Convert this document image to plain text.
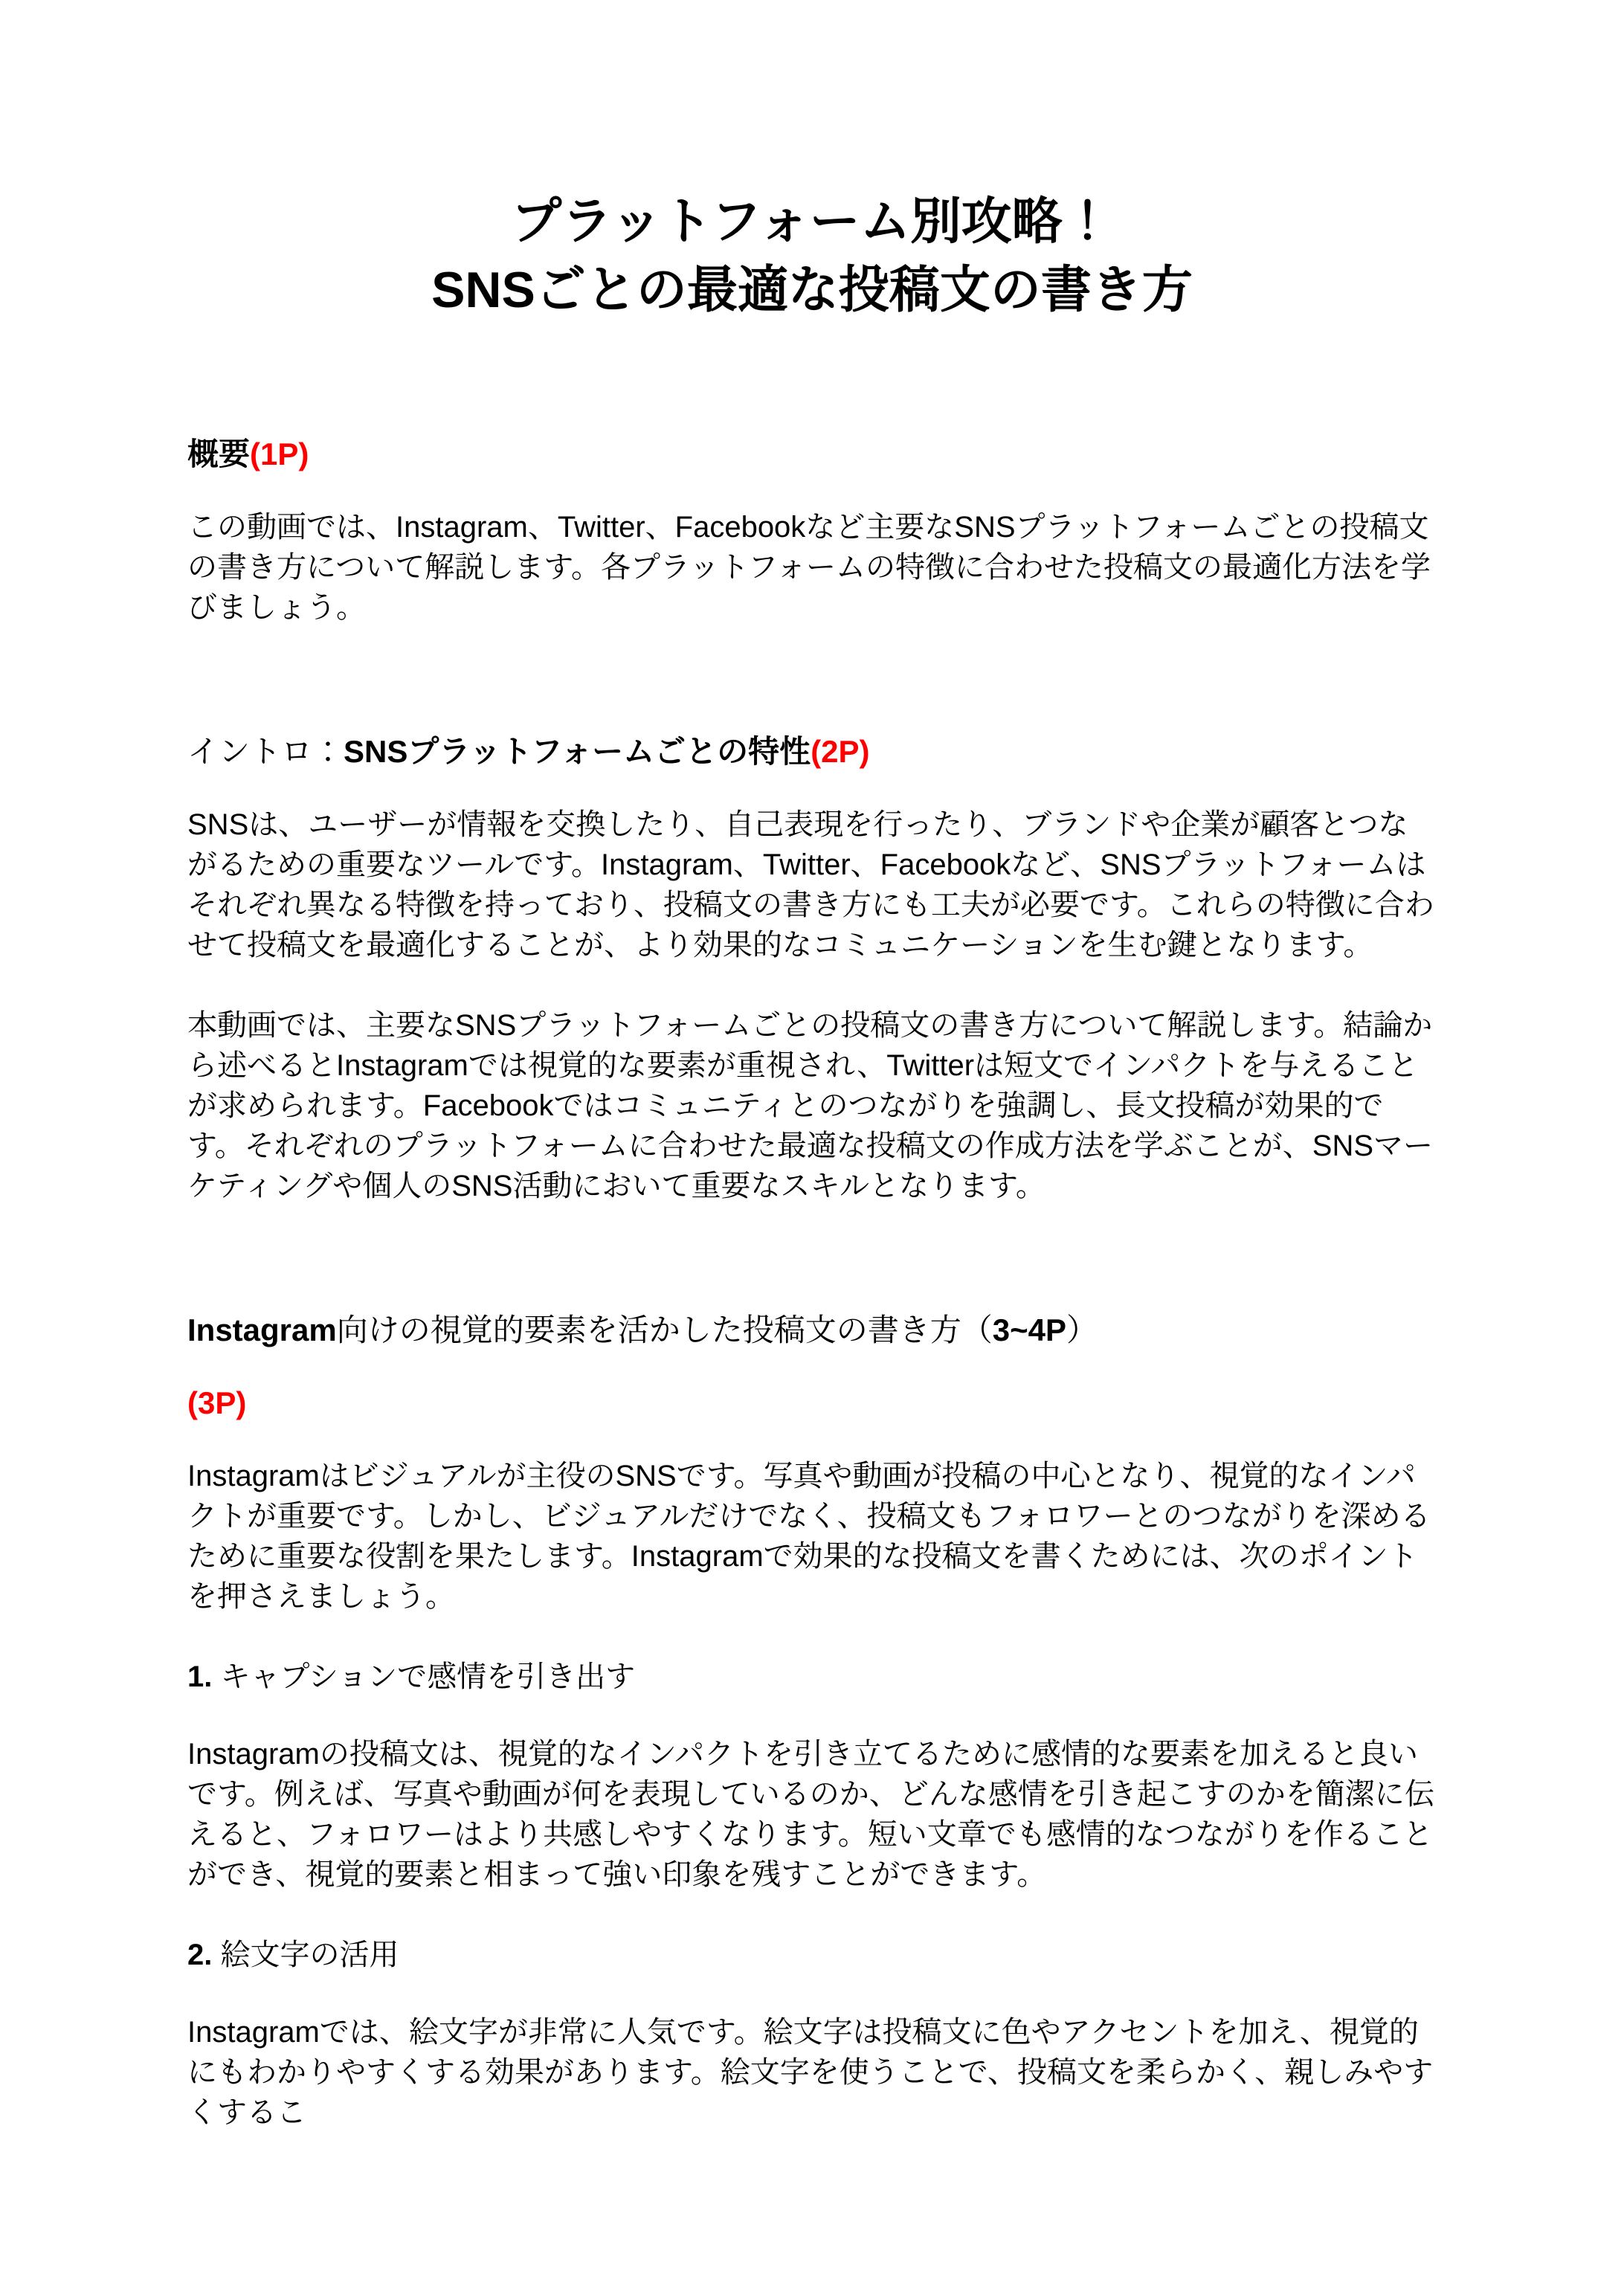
プラットフォーム別攻略！
SNSごとの最適な投稿文の書き方
概要(1P)
この動画では、Instagram、Twitter、Facebookなど主要なSNSプラットフォームごとの投稿文の書き方について解説します。各プラットフォームの特徴に合わせた投稿文の最適化方法を学びましょう。
イントロ：SNSプラットフォームごとの特性(2P)
SNSは、ユーザーが情報を交換したり、自己表現を行ったり、ブランドや企業が顧客とつながるための重要なツールです。Instagram、Twitter、Facebookなど、SNSプラットフォームはそれぞれ異なる特徴を持っており、投稿文の書き方にも工夫が必要です。これらの特徴に合わせて投稿文を最適化することが、より効果的なコミュニケーションを生む鍵となります。
本動画では、主要なSNSプラットフォームごとの投稿文の書き方について解説します。結論から述べるとInstagramでは視覚的な要素が重視され、Twitterは短文でインパクトを与えることが求められます。Facebookではコミュニティとのつながりを強調し、長文投稿が効果的です。それぞれのプラットフォームに合わせた最適な投稿文の作成方法を学ぶことが、SNSマーケティングや個人のSNS活動において重要なスキルとなります。
Instagram向けの視覚的要素を活かした投稿文の書き方（3~4P）
(3P)
Instagramはビジュアルが主役のSNSです。写真や動画が投稿の中心となり、視覚的なインパクトが重要です。しかし、ビジュアルだけでなく、投稿文もフォロワーとのつながりを深めるために重要な役割を果たします。Instagramで効果的な投稿文を書くためには、次のポイントを押さえましょう。
1. キャプションで感情を引き出す
Instagramの投稿文は、視覚的なインパクトを引き立てるために感情的な要素を加えると良いです。例えば、写真や動画が何を表現しているのか、どんな感情を引き起こすのかを簡潔に伝えると、フォロワーはより共感しやすくなります。短い文章でも感情的なつながりを作ることができ、視覚的要素と相まって強い印象を残すことができます。
2. 絵文字の活用
Instagramでは、絵文字が非常に人気です。絵文字は投稿文に色やアクセントを加え、視覚的にもわかりやすくする効果があります。絵文字を使うことで、投稿文を柔らかく、親しみやすくするこ
